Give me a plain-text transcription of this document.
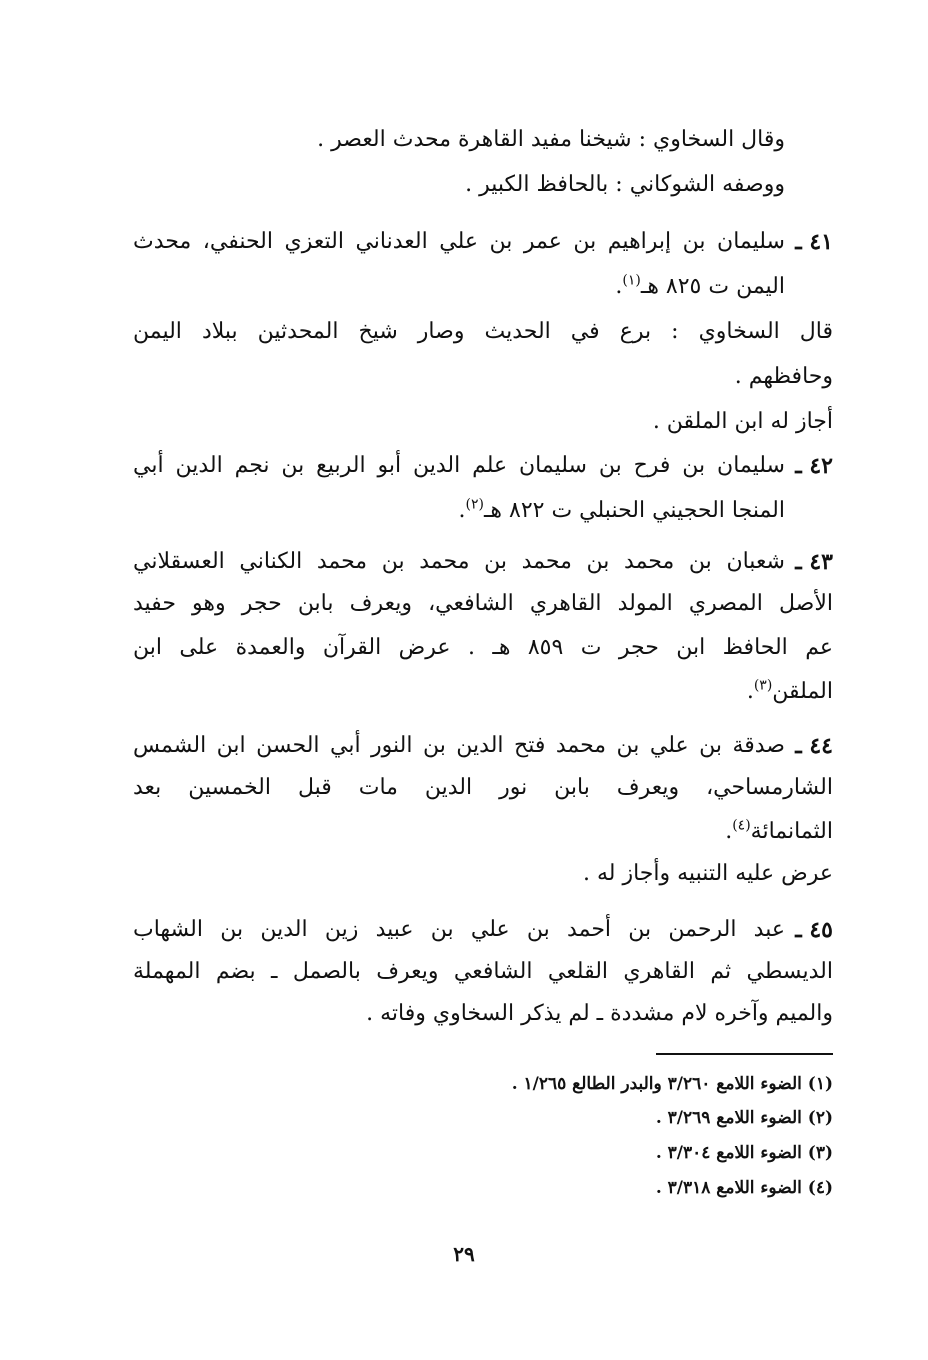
وقال السخاوي : شيخنا مفيد القاهرة محدث العصر .
ووصفه الشوكاني : بالحافظ الكبير .
٤١ ـ
سليمان بن إبراهيم بن عمر بن علي العدناني التعزي الحنفي، محدث
اليمن ت ٨٢٥ هـ$^{(١)}$.
قال السخاوي : برع في الحديث وصار شيخ المحدثين ببلاد اليمن
وحافظهم .
أجاز له ابن الملقن .
٤٢ ـ
سليمان بن فرح بن سليمان علم الدين أبو الربيع بن نجم الدين أبي
المنجا الحجيني الحنبلي ت ٨٢٢ هـ$^{(٢)}$.
٤٣ ـ
شعبان بن محمد بن محمد بن محمد بن محمد الكناني العسقلاني
الأصل المصري المولد القاهري الشافعي، ويعرف بابن حجر وهو حفيد
عم الحافظ ابن حجر ت ٨٥٩ هـ . عرض القرآن والعمدة على ابن
الملقن$^{(٣)}$.
٤٤ ـ
صدقة بن علي بن محمد فتح الدين بن النور أبي الحسن ابن الشمس
الشارمساحي، ويعرف بابن نور الدين مات قبل الخمسين بعد
الثمانمائة$^{(٤)}$.
عرض عليه التنبيه وأجاز له .
٤٥ ـ
عبد الرحمن بن أحمد بن علي بن عبيد زين الدين بن الشهاب
الديسطي ثم القاهري القلعي الشافعي ويعرف بالصمل ـ بضم المهملة
والميم وآخره لام مشددة ـ لم يذكر السخاوي وفاته .
(١) الضوء اللامع ٣/٢٦٠ والبدر الطالع ١/٢٦٥ .
(٢) الضوء اللامع ٣/٢٦٩ .
(٣) الضوء اللامع ٣/٣٠٤ .
(٤) الضوء اللامع ٣/٣١٨ .
٢٩
